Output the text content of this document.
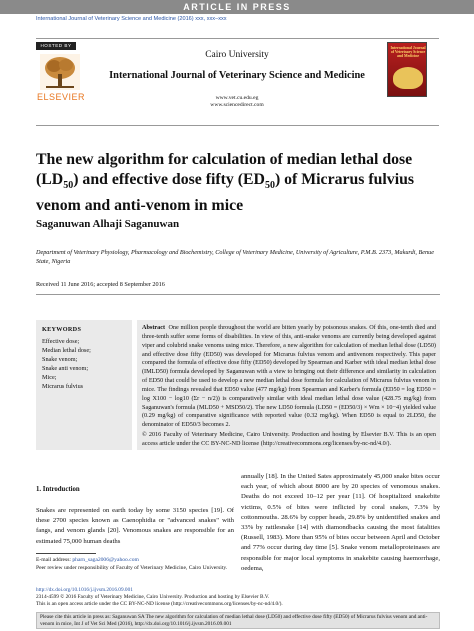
ARTICLE IN PRESS
International Journal of Veterinary Science and Medicine (2016) xxx, xxx–xxx
HOSTED BY
ELSEVIER
Cairo University
International Journal of Veterinary Science and Medicine
www.vet.cu.edu.eg
www.sciencedirect.com
International Journal of Veterinary Science and Medicine
The new algorithm for calculation of median lethal dose $(LD_{50})$ and effective dose fifty $(ED_{50})$ of Micrarus fulvius venom and anti-venom in mice
Saganuwan Alhaji Saganuwan
Department of Veterinary Physiology, Pharmacology and Biochemistry, College of Veterinary Medicine, University of Agriculture, P.M.B. 2373, Makurdi, Benue State, Nigeria
Received 11 June 2016; accepted 8 September 2016
KEYWORDS
Effective dose;
Median lethal dose;
Snake venom;
Snake anti venom;
Mice;
Micrarus fulvius
Abstract One million people throughout the world are bitten yearly by poisonous snakes. Of this, one-tenth died and three-tenth suffer some forms of disabilities. In view of this, anti-snake venoms are currently being developed against viper and colubrid snake venoms using mice. Therefore, a new algorithm for calculation of median lethal dose (LD50) and effective dose fifty (ED50) was developed for Micrarus fulvius venom and antivenom respectively. This paper compared the formula of effective dose fifty (ED50) developed by Spearman and Karber with ideal median lethal dose (IMLD50) formula developed by Saganuwan with a view to bringing out their difference and similarity in calculation of ED50 that could be used to develop a new median lethal dose formula for calculation of Micrarus fulvius venom in mice. The findings revealed that ED50 value (477 mg/kg) from Spearman and Karber's formula (ED50 = log ED50 = log X100 − log10 (Σr − n/2)) is comparatively similar with ideal median lethal dose value (428.75 mg/kg) from Saganuwan's formula (MLD50 + MSD50/2). The new LD50 formula (LD50 = (ED50/3) × Wm × 10−4) yielded value (0.29 mg/kg) of comparative significance with reported value (0.32 mg/kg). When ED50 is equal to 2LD50, the denominator of ED50/3 becomes 2.
© 2016 Faculty of Veterinary Medicine, Cairo University. Production and hosting by Elsevier B.V. This is an open access article under the CC BY-NC-ND license (http://creativecommons.org/licenses/by-nc-nd/4.0/).
1. Introduction
Snakes are represented on earth today by some 3150 species [19]. Of these 2700 species known as Caenophidia or "advanced snakes" with fangs, and venom glands [20]. Venomous snakes are responsible for an estimated 75,000 human deaths
annually [18]. In the United Sates approximately 45,000 snake bites occur each year, of which about 8000 are by 20 species of venomous snakes. Deaths do not exceed 10–12 per year [11]. Of hospitalized snakebite victims, 0.5% of bites were inflicted by coral snakes, 7.3% by cottonmouths. 28.6% by copper heads, 29.8% by unidentified snakes and 33% by rattlesnake [14] with diamondbacks causing the most fatalities (Russell, 1983). More than 95% of bites occur between April and October and 77% occur during day time [5]. Snake venom metalloproteinases are responsible for major local symptoms in snakebite causing haemorrhage, oedema,
E-mail address: pharn_saga2006@yahoo.com
Peer review under responsibility of Faculty of Veterinary Medicine, Cairo University.
http://dx.doi.org/10.1016/j.ijvsm.2016.09.001
2314-4599 © 2016 Faculty of Veterinary Medicine, Cairo University. Production and hosting by Elsevier B.V.
This is an open access article under the CC BY-NC-ND license (http://creativecommons.org/licenses/by-nc-nd/4.0/).
Please cite this article in press as: Saganuwan SA The new algorithm for calculation of median lethal dose (LD50) and effective dose fifty (ED50) of Micrarus fulvius venom and anti-venom in mice, Int J of Vet Sci Med (2016), http://dx.doi.org/10.1016/j.ijvsm.2016.09.001
